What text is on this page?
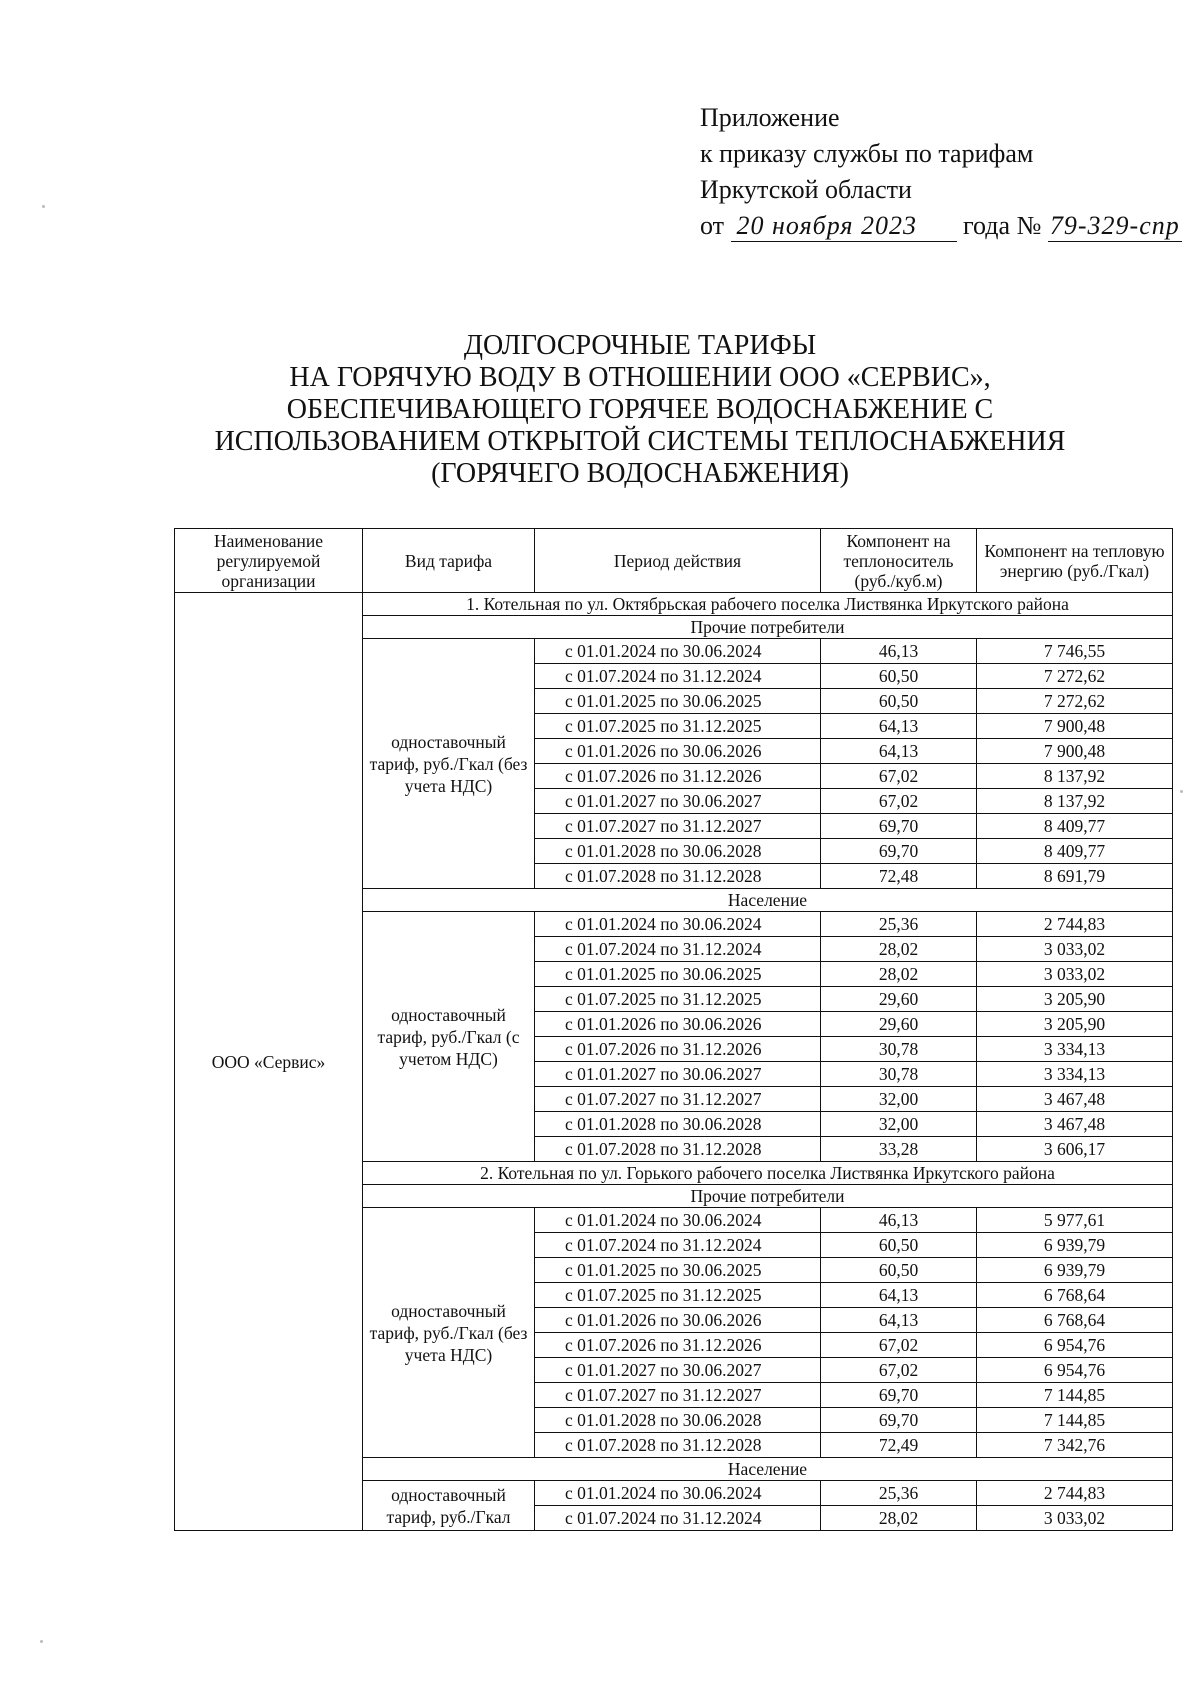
Приложение
к приказу службы по тарифам
Иркутской области
от 20 ноября 2023 года № 79-329-спр
ДОЛГОСРОЧНЫЕ ТАРИФЫ
НА ГОРЯЧУЮ ВОДУ В ОТНОШЕНИИ ООО «СЕРВИС»,
ОБЕСПЕЧИВАЮЩЕГО ГОРЯЧЕЕ ВОДОСНАБЖЕНИЕ С
ИСПОЛЬЗОВАНИЕМ ОТКРЫТОЙ СИСТЕМЫ ТЕПЛОСНАБЖЕНИЯ
(ГОРЯЧЕГО ВОДОСНАБЖЕНИЯ)
Наименование регулируемой организации	Вид тарифа	Период действия	Компонент на теплоноситель (руб./куб.м)	Компонент на тепловую энергию (руб./Гкал)
ООО «Сервис»	1. Котельная по ул. Октябрьская рабочего поселка Листвянка Иркутского района			
	Прочие потребители			
	одноставочный тариф, руб./Гкал (без учета НДС)	с 01.01.2024 по 30.06.2024	46,13	7 746,55
		с 01.07.2024 по 31.12.2024	60,50	7 272,62
		с 01.01.2025 по 30.06.2025	60,50	7 272,62
		с 01.07.2025 по 31.12.2025	64,13	7 900,48
		с 01.01.2026 по 30.06.2026	64,13	7 900,48
		с 01.07.2026 по 31.12.2026	67,02	8 137,92
		с 01.01.2027 по 30.06.2027	67,02	8 137,92
		с 01.07.2027 по 31.12.2027	69,70	8 409,77
		с 01.01.2028 по 30.06.2028	69,70	8 409,77
		с 01.07.2028 по 31.12.2028	72,48	8 691,79
	Население			
	одноставочный тариф, руб./Гкал (с учетом НДС)	с 01.01.2024 по 30.06.2024	25,36	2 744,83
		с 01.07.2024 по 31.12.2024	28,02	3 033,02
		с 01.01.2025 по 30.06.2025	28,02	3 033,02
		с 01.07.2025 по 31.12.2025	29,60	3 205,90
		с 01.01.2026 по 30.06.2026	29,60	3 205,90
		с 01.07.2026 по 31.12.2026	30,78	3 334,13
		с 01.01.2027 по 30.06.2027	30,78	3 334,13
		с 01.07.2027 по 31.12.2027	32,00	3 467,48
		с 01.01.2028 по 30.06.2028	32,00	3 467,48
		с 01.07.2028 по 31.12.2028	33,28	3 606,17
	2. Котельная по ул. Горького рабочего поселка Листвянка Иркутского района			
	Прочие потребители			
	одноставочный тариф, руб./Гкал (без учета НДС)	с 01.01.2024 по 30.06.2024	46,13	5 977,61
		с 01.07.2024 по 31.12.2024	60,50	6 939,79
		с 01.01.2025 по 30.06.2025	60,50	6 939,79
		с 01.07.2025 по 31.12.2025	64,13	6 768,64
		с 01.01.2026 по 30.06.2026	64,13	6 768,64
		с 01.07.2026 по 31.12.2026	67,02	6 954,76
		с 01.01.2027 по 30.06.2027	67,02	6 954,76
		с 01.07.2027 по 31.12.2027	69,70	7 144,85
		с 01.01.2028 по 30.06.2028	69,70	7 144,85
		с 01.07.2028 по 31.12.2028	72,49	7 342,76
	Население			
	одноставочный тариф, руб./Гкал	с 01.01.2024 по 30.06.2024	25,36	2 744,83
		с 01.07.2024 по 31.12.2024	28,02	3 033,02
